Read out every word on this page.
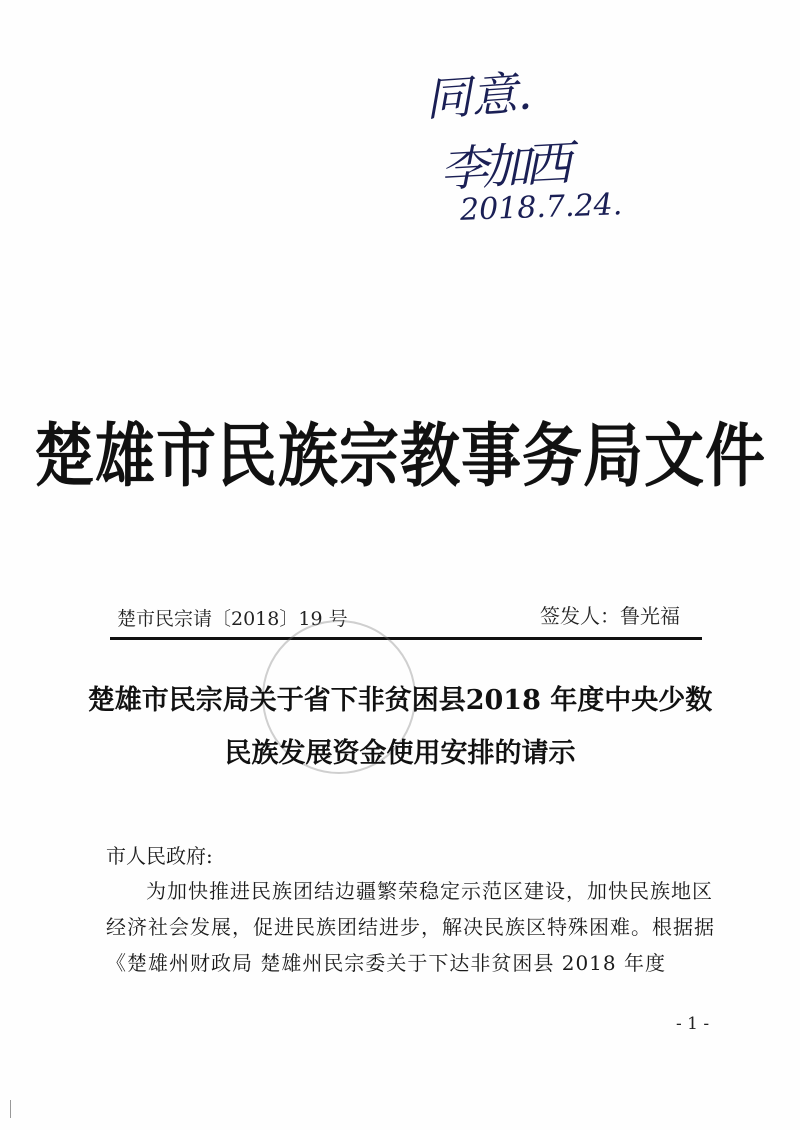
同意.
李加西
2018.7.24.
楚雄市民族宗教事务局文件
楚市民宗请〔2018〕19 号	签发人：鲁光福
楚雄市民宗局关于省下非贫困县2018 年度中央少数
民族发展资金使用安排的请示
市人民政府:

为加快推进民族团结边疆繁荣稳定示范区建设，加快民族地区经济社会发展，促进民族团结进步，解决民族区特殊困难。根据据《楚雄州财政局 楚雄州民宗委关于下达非贫困县 2018 年度

- 1 -
